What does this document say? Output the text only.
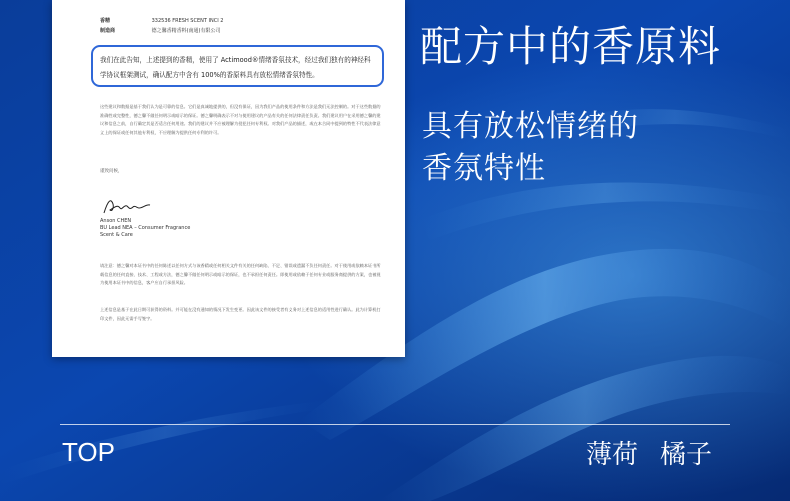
香精	332536 FRESH SCENT INCI 2
制造商	德之馨香精香料(南通)有限公司
我们在此告知，上述提到的香精，使用了 Actimood®情绪香氛技术，经过我们独有的神经科学协议框架测试，确认配方中含有 100%的香原料具有放松情绪香氛特性。
这些建议和数据是基于我们认为是可靠的信息。它们是真诚地提供的，但没有保证，因为我们产品的使用条件和方法是我们无法控制的。对于这些数据的准确性或完整性，德之馨不做任何明示或暗示的保证。德之馨明确表示不对与使用建议的产品有关的任何法律责任负责。我们建议用户在采用德之馨的建议和信息之前，自行确定其是否适合任何用途。我们的建议并不应被理解为侵犯任何专利权。对我们产品的描述，或在本合同中提到的特性不代表法律意义上的保证或任何其他专利权，不应理解为提供任何专利的许可。
谨致问候，
Anson CHEN
BU Lead NEA – Consumer Fragrance
Scent & Care
请注意：德之馨对本证书中的任何陈述以任何方式与该香精或任何相关文件有关的任何缺陷、不足、错误或遗漏不负任何责任。对于使用或依赖本证书所载信息的任何直接、技术、工程或方法，德之馨不做任何明示或暗示的保证，也不承担任何责任。即使用或依赖于任何专业或服务商提供的方案，也被视为使用本证书中的信息，客户应自行承担风险。
上述信息是基于在此日期可获得的资料。并可能在没有通知的情况下发生变更。因此该文件的接受者有义务对上述信息的适用性进行确认。此为计算机打印文件，因此无需手写签字。
配方中的香原料
具有放松情绪的
香氛特性
TOP	薄荷 橘子
